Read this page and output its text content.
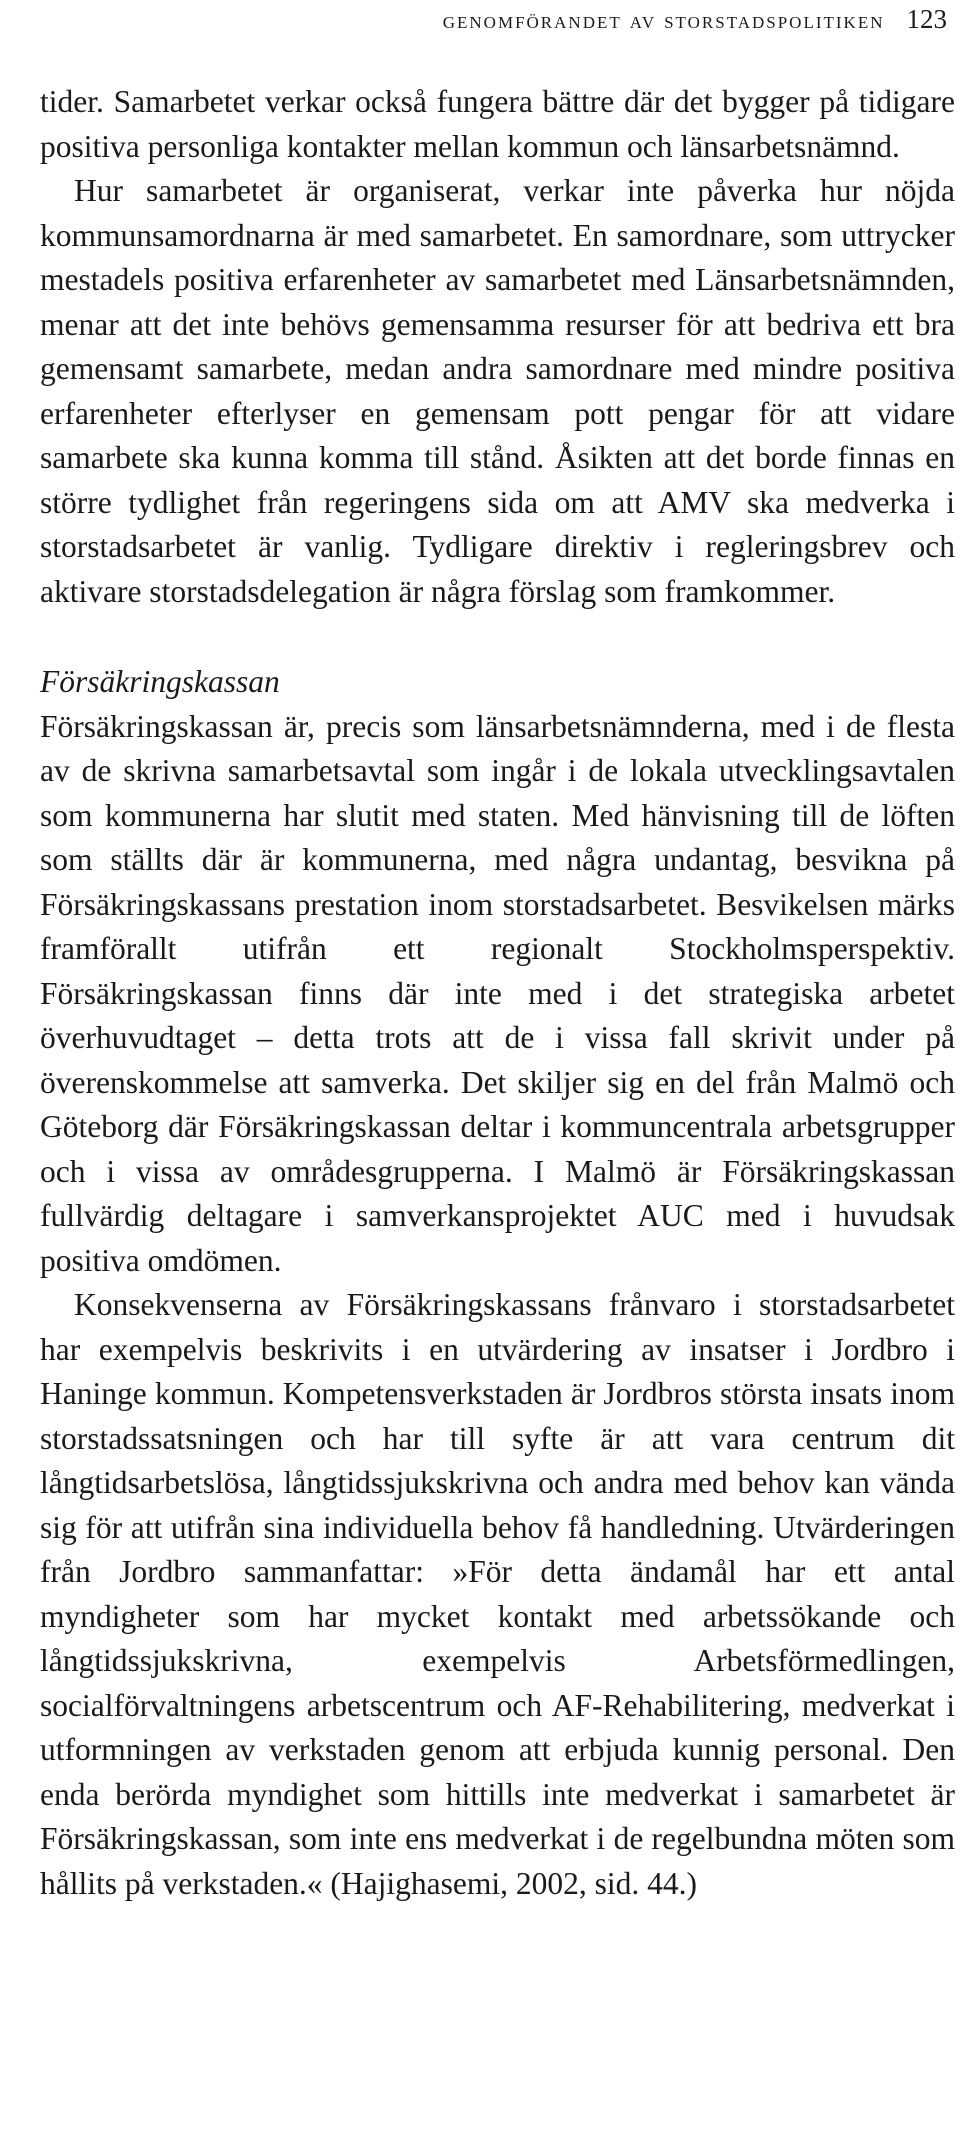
genomförandet av storstadspolitiken 123

tider. Samarbetet verkar också fungera bättre där det bygger på tidigare positiva personliga kontakter mellan kommun och länsarbetsnämnd.

Hur samarbetet är organiserat, verkar inte påverka hur nöjda kommunsamordnarna är med samarbetet. En samordnare, som uttrycker mestadels positiva erfarenheter av samarbetet med Länsarbetsnämnden, menar att det inte behövs gemensamma resurser för att bedriva ett bra gemensamt samarbete, medan andra samordnare med mindre positiva erfarenheter efterlyser en gemensam pott pengar för att vidare samarbete ska kunna komma till stånd. Åsikten att det borde finnas en större tydlighet från regeringens sida om att AMV ska medverka i storstadsarbetet är vanlig. Tydligare direktiv i regleringsbrev och aktivare storstadsdelegation är några förslag som framkommer.

Försäkringskassan

Försäkringskassan är, precis som länsarbetsnämnderna, med i de flesta av de skrivna samarbetsavtal som ingår i de lokala utvecklingsavtalen som kommunerna har slutit med staten. Med hänvisning till de löften som ställts där är kommunerna, med några undantag, besvikna på Försäkringskassans prestation inom storstadsarbetet. Besvikelsen märks framförallt utifrån ett regionalt Stockholmsperspektiv. Försäkringskassan finns där inte med i det strategiska arbetet överhuvudtaget – detta trots att de i vissa fall skrivit under på överenskommelse att samverka. Det skiljer sig en del från Malmö och Göteborg där Försäkringskassan deltar i kommuncentrala arbetsgrupper och i vissa av områdesgrupperna. I Malmö är Försäkringskassan fullvärdig deltagare i samverkansprojektet AUC med i huvudsak positiva omdömen.

Konsekvenserna av Försäkringskassans frånvaro i storstadsarbetet har exempelvis beskrivits i en utvärdering av insatser i Jordbro i Haninge kommun. Kompetensverkstaden är Jordbros största insats inom storstadssatsningen och har till syfte är att vara centrum dit långtidsarbetslösa, långtidssjukskrivna och andra med behov kan vända sig för att utifrån sina individuella behov få handledning. Utvärderingen från Jordbro sammanfattar: »För detta ändamål har ett antal myndigheter som har mycket kontakt med arbetssökande och långtidssjukskrivna, exempelvis Arbetsförmedlingen, socialförvaltningens arbetscentrum och AF-Rehabilitering, medverkat i utformningen av verkstaden genom att erbjuda kunnig personal. Den enda berörda myndighet som hittills inte medverkat i samarbetet är Försäkringskassan, som inte ens medverkat i de regelbundna möten som hållits på verkstaden.« (Hajighasemi, 2002, sid. 44.)
